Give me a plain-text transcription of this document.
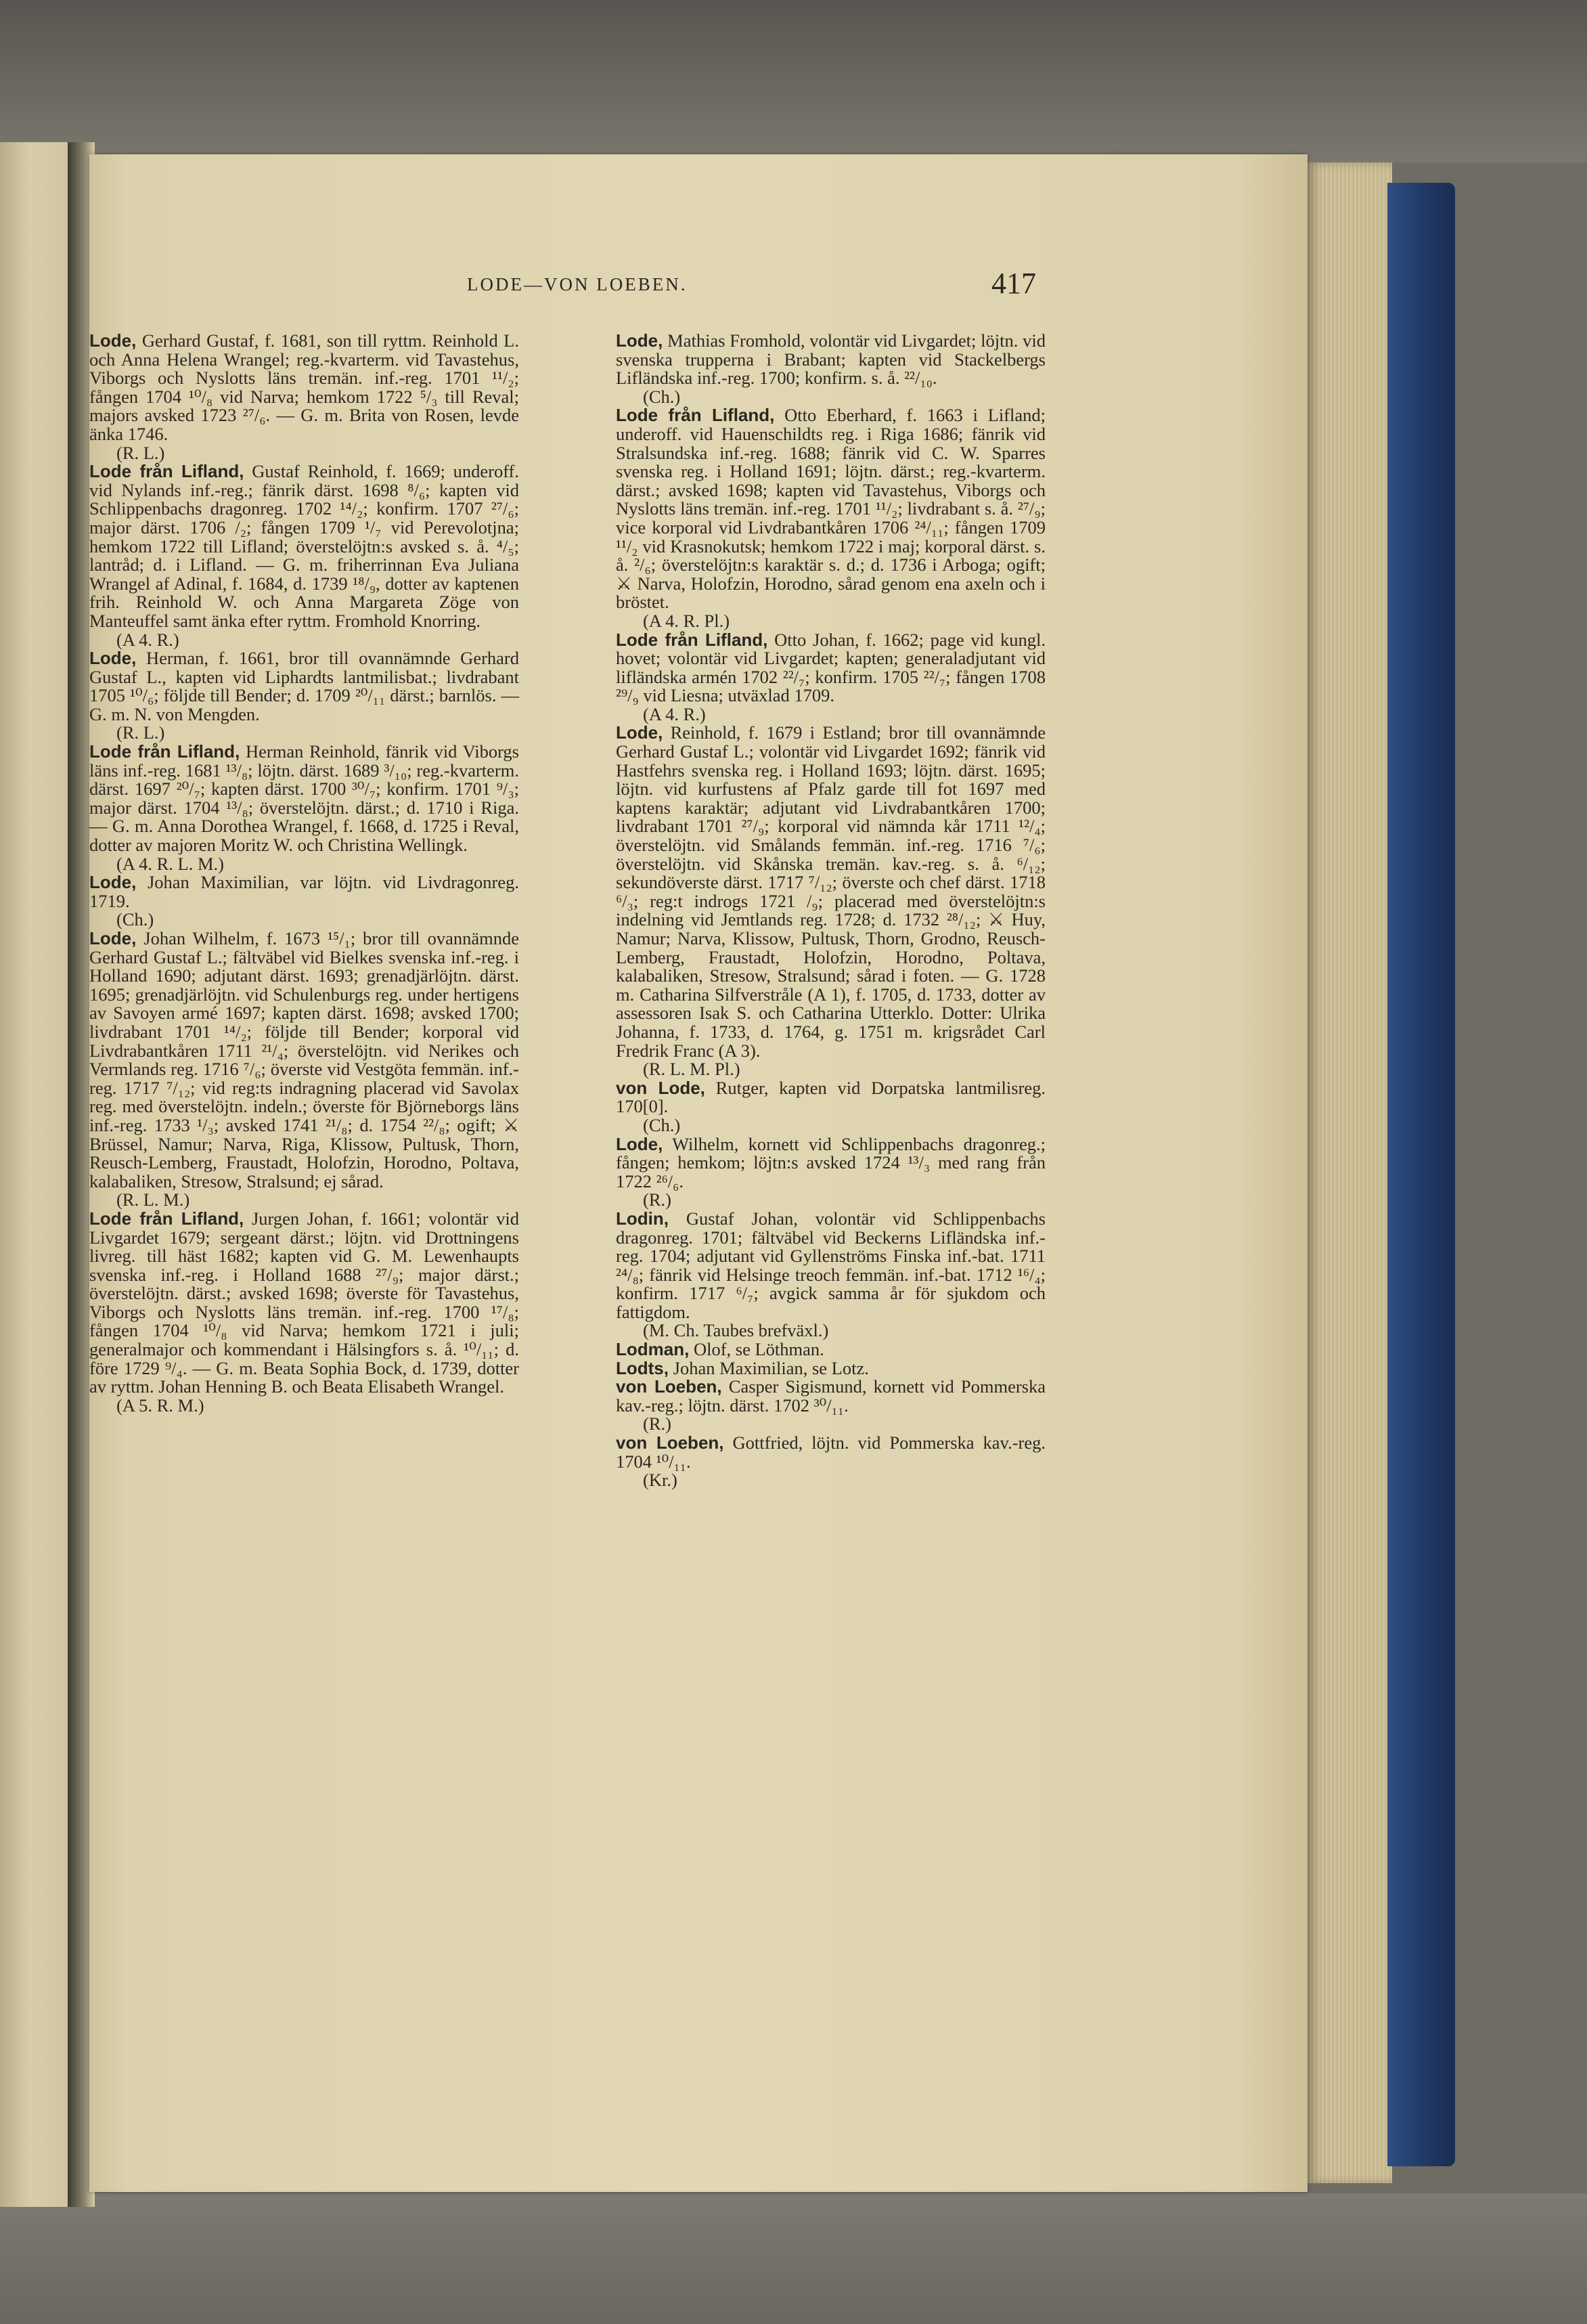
LODE—VON LOEBEN.	417

Lode, Gerhard Gustaf, f. 1681, son till ryttm. Reinhold L. och Anna Helena Wrangel; reg.-kvarterm. vid Tavastehus, Viborgs och Nyslotts läns tremän. inf.-reg. 1701 ¹¹/₂; fången 1704 ¹⁰/₈ vid Narva; hemkom 1722 ⁵/₃ till Reval; majors avsked 1723 ²⁷/₆. — G. m. Brita von Rosen, levde änka 1746.
(R. L.)

Lode från Lifland, Gustaf Reinhold, f. 1669; underoff. vid Nylands inf.-reg.; fänrik därst. 1698 ⁸/₆; kapten vid Schlippenbachs dragonreg. 1702 ¹⁴/₂; konfirm. 1707 ²⁷/₆; major därst. 1706 /₂; fången 1709 ¹/₇ vid Perevolotjna; hemkom 1722 till Lifland; överstelöjtn:s avsked s. å. ⁴/₅; lantråd; d. i Lifland. — G. m. friherrinnan Eva Juliana Wrangel af Adinal, f. 1684, d. 1739 ¹⁸/₉, dotter av kaptenen frih. Reinhold W. och Anna Margareta Zöge von Manteuffel samt änka efter ryttm. Fromhold Knorring.
(A 4. R.)

Lode, Herman, f. 1661, bror till ovannämnde Gerhard Gustaf L., kapten vid Liphardts lantmilisbat.; livdrabant 1705 ¹⁰/₆; följde till Bender; d. 1709 ²⁰/₁₁ därst.; barnlös. — G. m. N. von Mengden.
(R. L.)

Lode från Lifland, Herman Reinhold, fänrik vid Viborgs läns inf.-reg. 1681 ¹³/₈; löjtn. därst. 1689 ³/₁₀; reg.-kvarterm. därst. 1697 ²⁰/₇; kapten därst. 1700 ³⁰/₇; konfirm. 1701 ⁹/₃; major därst. 1704 ¹³/₈; överstelöjtn. därst.; d. 1710 i Riga. — G. m. Anna Dorothea Wrangel, f. 1668, d. 1725 i Reval, dotter av majoren Moritz W. och Christina Wellingk.
(A 4. R. L. M.)

Lode, Johan Maximilian, var löjtn. vid Livdragonreg. 1719.
(Ch.)

Lode, Johan Wilhelm, f. 1673 ¹⁵/₁; bror till ovannämnde Gerhard Gustaf L.; fältväbel vid Bielkes svenska inf.-reg. i Holland 1690; adjutant därst. 1693; grenadjärlöjtn. därst. 1695; grenadjärlöjtn. vid Schulenburgs reg. under hertigens av Savoyen armé 1697; kapten därst. 1698; avsked 1700; livdrabant 1701 ¹⁴/₂; följde till Bender; korporal vid Livdrabantkåren 1711 ²¹/₄; överstelöjtn. vid Nerikes och Vermlands reg. 1716 ⁷/₆; överste vid Vestgöta femmän. inf.-reg. 1717 ⁷/₁₂; vid reg:ts indragning placerad vid Savolax reg. med överstelöjtn. indeln.; överste för Björneborgs läns inf.-reg. 1733 ¹/₃; avsked 1741 ²¹/₈; d. 1754 ²²/₈; ogift; ⚔ Brüssel, Namur; Narva, Riga, Klissow, Pultusk, Thorn, Reusch-Lemberg, Fraustadt, Holofzin, Horodno, Poltava, kalabaliken, Stresow, Stralsund; ej sårad.
(R. L. M.)

Lode från Lifland, Jurgen Johan, f. 1661; volontär vid Livgardet 1679; sergeant därst.; löjtn. vid Drottningens livreg. till häst 1682; kapten vid G. M. Lewenhaupts svenska inf.-reg. i Holland 1688 ²⁷/₉; major därst.; överstelöjtn. därst.; avsked 1698; överste för Tavastehus, Viborgs och Nyslotts läns tremän. inf.-reg. 1700 ¹⁷/₈; fången 1704 ¹⁰/₈ vid Narva; hemkom 1721 i juli; generalmajor och kommendant i Hälsingfors s. å. ¹⁰/₁₁; d. före 1729 ⁹/₄. — G. m. Beata Sophia Bock, d. 1739, dotter av ryttm. Johan Henning B. och Beata Elisabeth Wrangel.
(A 5. R. M.)

Lode, Mathias Fromhold, volontär vid Livgardet; löjtn. vid svenska trupperna i Brabant; kapten vid Stackelbergs Lifländska inf.-reg. 1700; konfirm. s. å. ²²/₁₀.
(Ch.)

Lode från Lifland, Otto Eberhard, f. 1663 i Lifland; underoff. vid Hauenschildts reg. i Riga 1686; fänrik vid Stralsundska inf.-reg. 1688; fänrik vid C. W. Sparres svenska reg. i Holland 1691; löjtn. därst.; reg.-kvarterm. därst.; avsked 1698; kapten vid Tavastehus, Viborgs och Nyslotts läns tremän. inf.-reg. 1701 ¹¹/₂; livdrabant s. å. ²⁷/₉; vice korporal vid Livdrabantkåren 1706 ²⁴/₁₁; fången 1709 ¹¹/₂ vid Krasnokutsk; hemkom 1722 i maj; korporal därst. s. å. ²/₆; överstelöjtn:s karaktär s. d.; d. 1736 i Arboga; ogift; ⚔ Narva, Holofzin, Horodno, sårad genom ena axeln och i bröstet.
(A 4. R. Pl.)

Lode från Lifland, Otto Johan, f. 1662; page vid kungl. hovet; volontär vid Livgardet; kapten; generaladjutant vid lifländska armén 1702 ²²/₇; konfirm. 1705 ²²/₇; fången 1708 ²⁹/₉ vid Liesna; utväxlad 1709.
(A 4. R.)

Lode, Reinhold, f. 1679 i Estland; bror till ovannämnde Gerhard Gustaf L.; volontär vid Livgardet 1692; fänrik vid Hastfehrs svenska reg. i Holland 1693; löjtn. därst. 1695; löjtn. vid kurfustens af Pfalz garde till fot 1697 med kaptens karaktär; adjutant vid Livdrabantkåren 1700; livdrabant 1701 ²⁷/₉; korporal vid nämnda kår 1711 ¹²/₄; överstelöjtn. vid Smålands femmän. inf.-reg. 1716 ⁷/₆; överstelöjtn. vid Skånska tremän. kav.-reg. s. å. ⁶/₁₂; sekundöverste därst. 1717 ⁷/₁₂; överste och chef därst. 1718 ⁶/₃; reg:t indrogs 1721 /₉; placerad med överstelöjtn:s indelning vid Jemtlands reg. 1728; d. 1732 ²⁸/₁₂; ⚔ Huy, Namur; Narva, Klissow, Pultusk, Thorn, Grodno, Reusch-Lemberg, Fraustadt, Holofzin, Horodno, Poltava, kalabaliken, Stresow, Stralsund; sårad i foten. — G. 1728 m. Catharina Silfverstråle (A 1), f. 1705, d. 1733, dotter av assessoren Isak S. och Catharina Utterklo. Dotter: Ulrika Johanna, f. 1733, d. 1764, g. 1751 m. krigsrådet Carl Fredrik Franc (A 3).
(R. L. M. Pl.)

von Lode, Rutger, kapten vid Dorpatska lantmilisreg. 170[0].
(Ch.)

Lode, Wilhelm, kornett vid Schlippenbachs dragonreg.; fången; hemkom; löjtn:s avsked 1724 ¹³/₃ med rang från 1722 ²⁶/₆.
(R.)

Lodin, Gustaf Johan, volontär vid Schlippenbachs dragonreg. 1701; fältväbel vid Beckerns Lifländska inf.-reg. 1704; adjutant vid Gyllenströms Finska inf.-bat. 1711 ²⁴/₈; fänrik vid Helsinge treoch femmän. inf.-bat. 1712 ¹⁶/₄; konfirm. 1717 ⁶/₇; avgick samma år för sjukdom och fattigdom.
(M. Ch. Taubes brefväxl.)

Lodman, Olof, se Löthman.

Lodts, Johan Maximilian, se Lotz.

von Loeben, Casper Sigismund, kornett vid Pommerska kav.-reg.; löjtn. därst. 1702 ³⁰/₁₁.
(R.)

von Loeben, Gottfried, löjtn. vid Pommerska kav.-reg. 1704 ¹⁰/₁₁.
(Kr.)
